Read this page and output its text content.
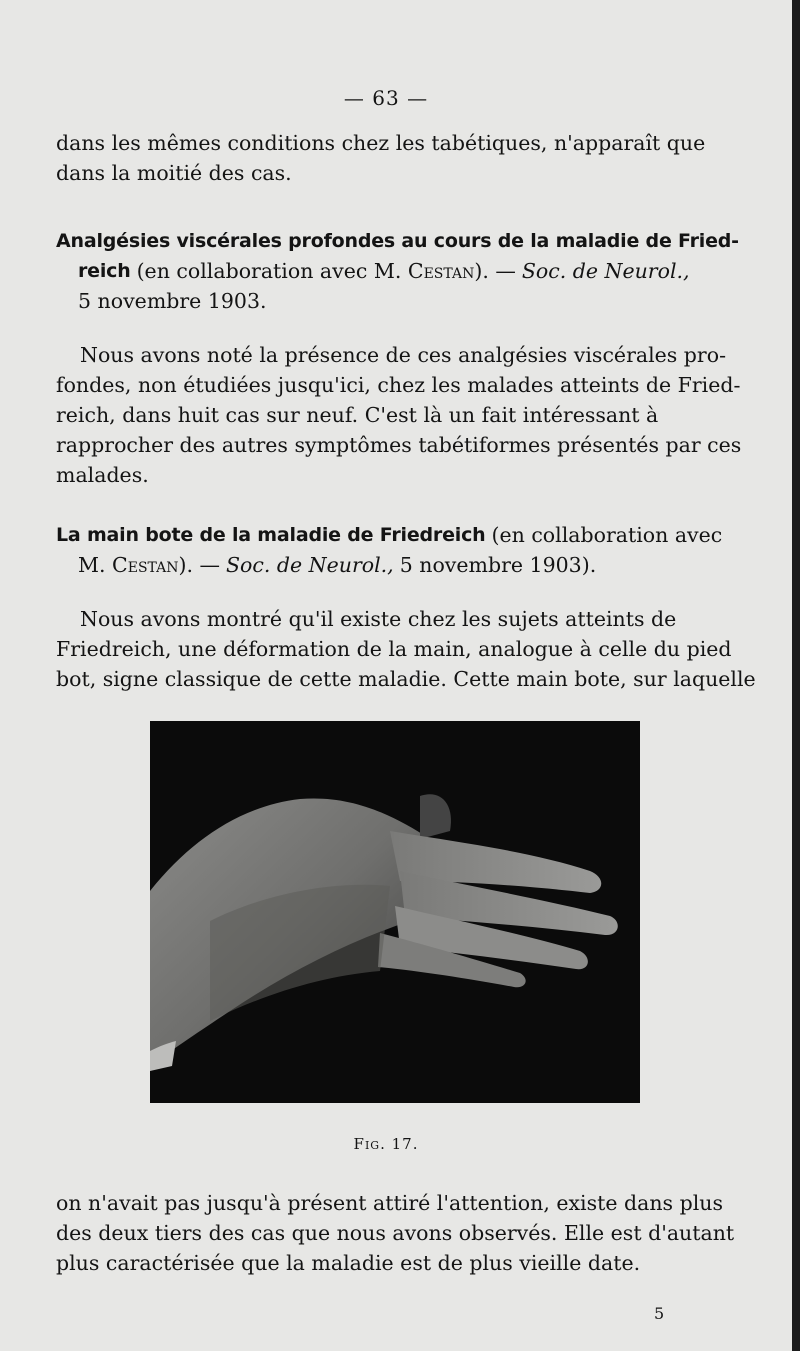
— 63 —
dans les mêmes conditions chez les tabétiques, n'apparaît que
dans la moitié des cas.
Analgésies viscérales profondes au cours de la maladie de Fried-
reich (en collaboration avec M. Cestan). — Soc. de Neurol.,
5 novembre 1903.
Nous avons noté la présence de ces analgésies viscérales pro-
fondes, non étudiées jusqu'ici, chez les malades atteints de Fried-
reich, dans huit cas sur neuf. C'est là un fait intéressant à
rapprocher des autres symptômes tabétiformes présentés par ces
malades.
La main bote de la maladie de Friedreich (en collaboration avec
M. Cestan). — Soc. de Neurol., 5 novembre 1903).
Nous avons montré qu'il existe chez les sujets atteints de
Friedreich, une déformation de la main, analogue à celle du pied
bot, signe classique de cette maladie. Cette main bote, sur laquelle
Fig. 17.
on n'avait pas jusqu'à présent attiré l'attention, existe dans plus
des deux tiers des cas que nous avons observés. Elle est d'autant
plus caractérisée que la maladie est de plus vieille date.
5
